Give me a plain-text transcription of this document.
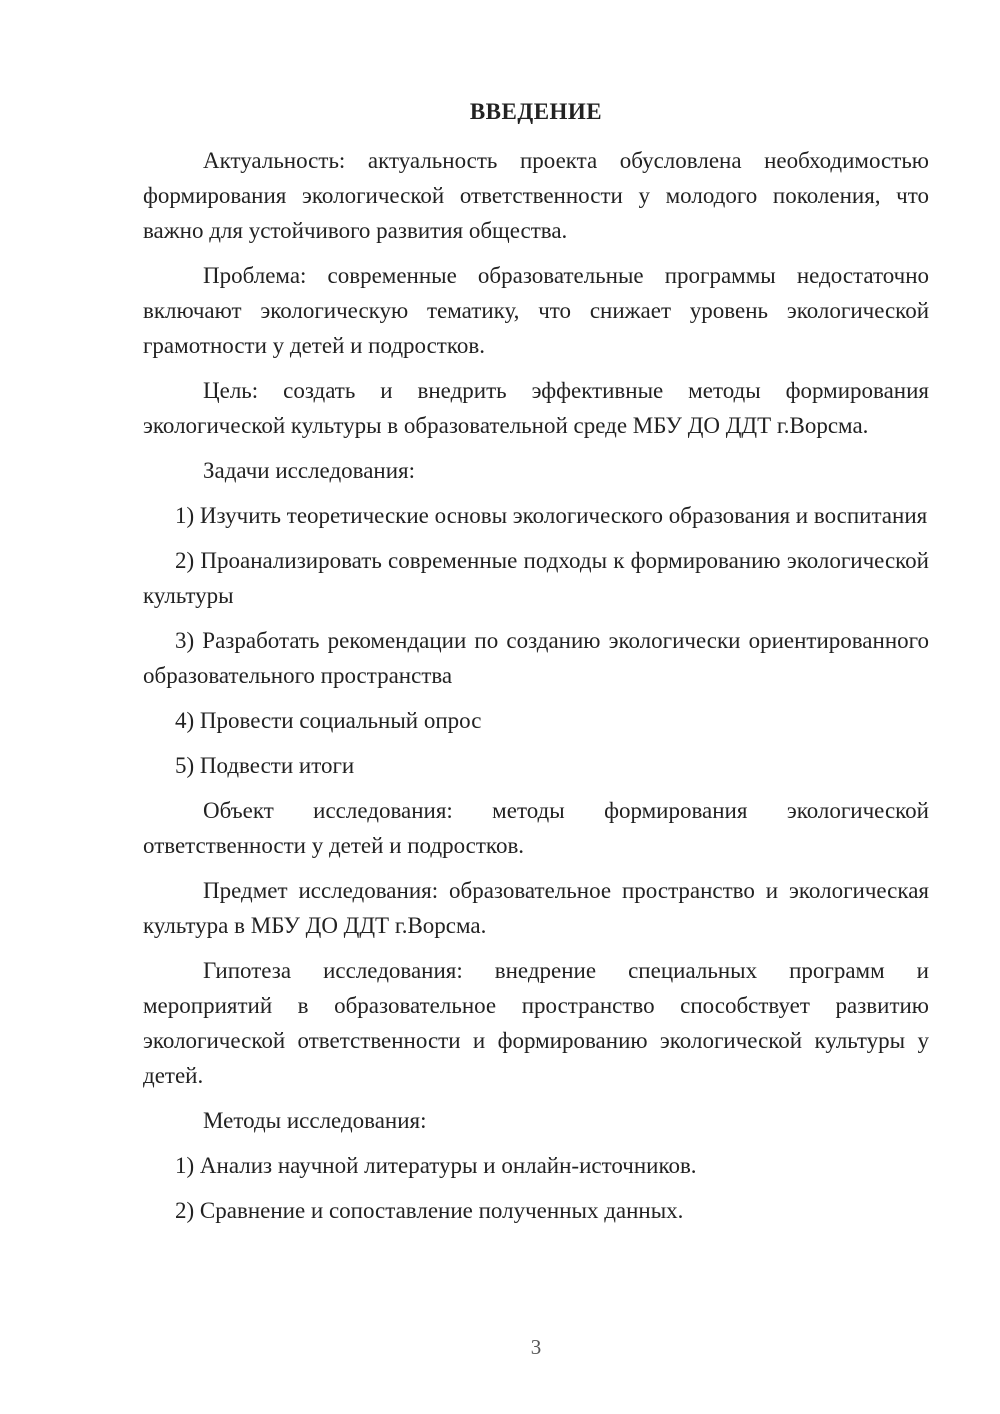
ВВЕДЕНИЕ

Актуальность: актуальность проекта обусловлена необходимостью формирования экологической ответственности у молодого поколения, что важно для устойчивого развития общества.

Проблема: современные образовательные программы недостаточно включают экологическую тематику, что снижает уровень экологической грамотности у детей и подростков.

Цель: создать и внедрить эффективные методы формирования экологической культуры в образовательной среде МБУ ДО ДДТ г.Ворсма.

Задачи исследования:

1) Изучить теоретические основы экологического образования и воспитания

2) Проанализировать современные подходы к формированию экологической культуры

3) Разработать рекомендации по созданию экологически ориентированного образовательного пространства

4) Провести социальный опрос

5) Подвести итоги

Объект исследования: методы формирования экологической ответственности у детей и подростков.

Предмет исследования: образовательное пространство и экологическая культура в МБУ ДО ДДТ г.Ворсма.

Гипотеза исследования: внедрение специальных программ и мероприятий в образовательное пространство способствует развитию экологической ответственности и формированию экологической культуры у детей.

Методы исследования:

1) Анализ научной литературы и онлайн-источников.

2) Сравнение и сопоставление полученных данных.

3
